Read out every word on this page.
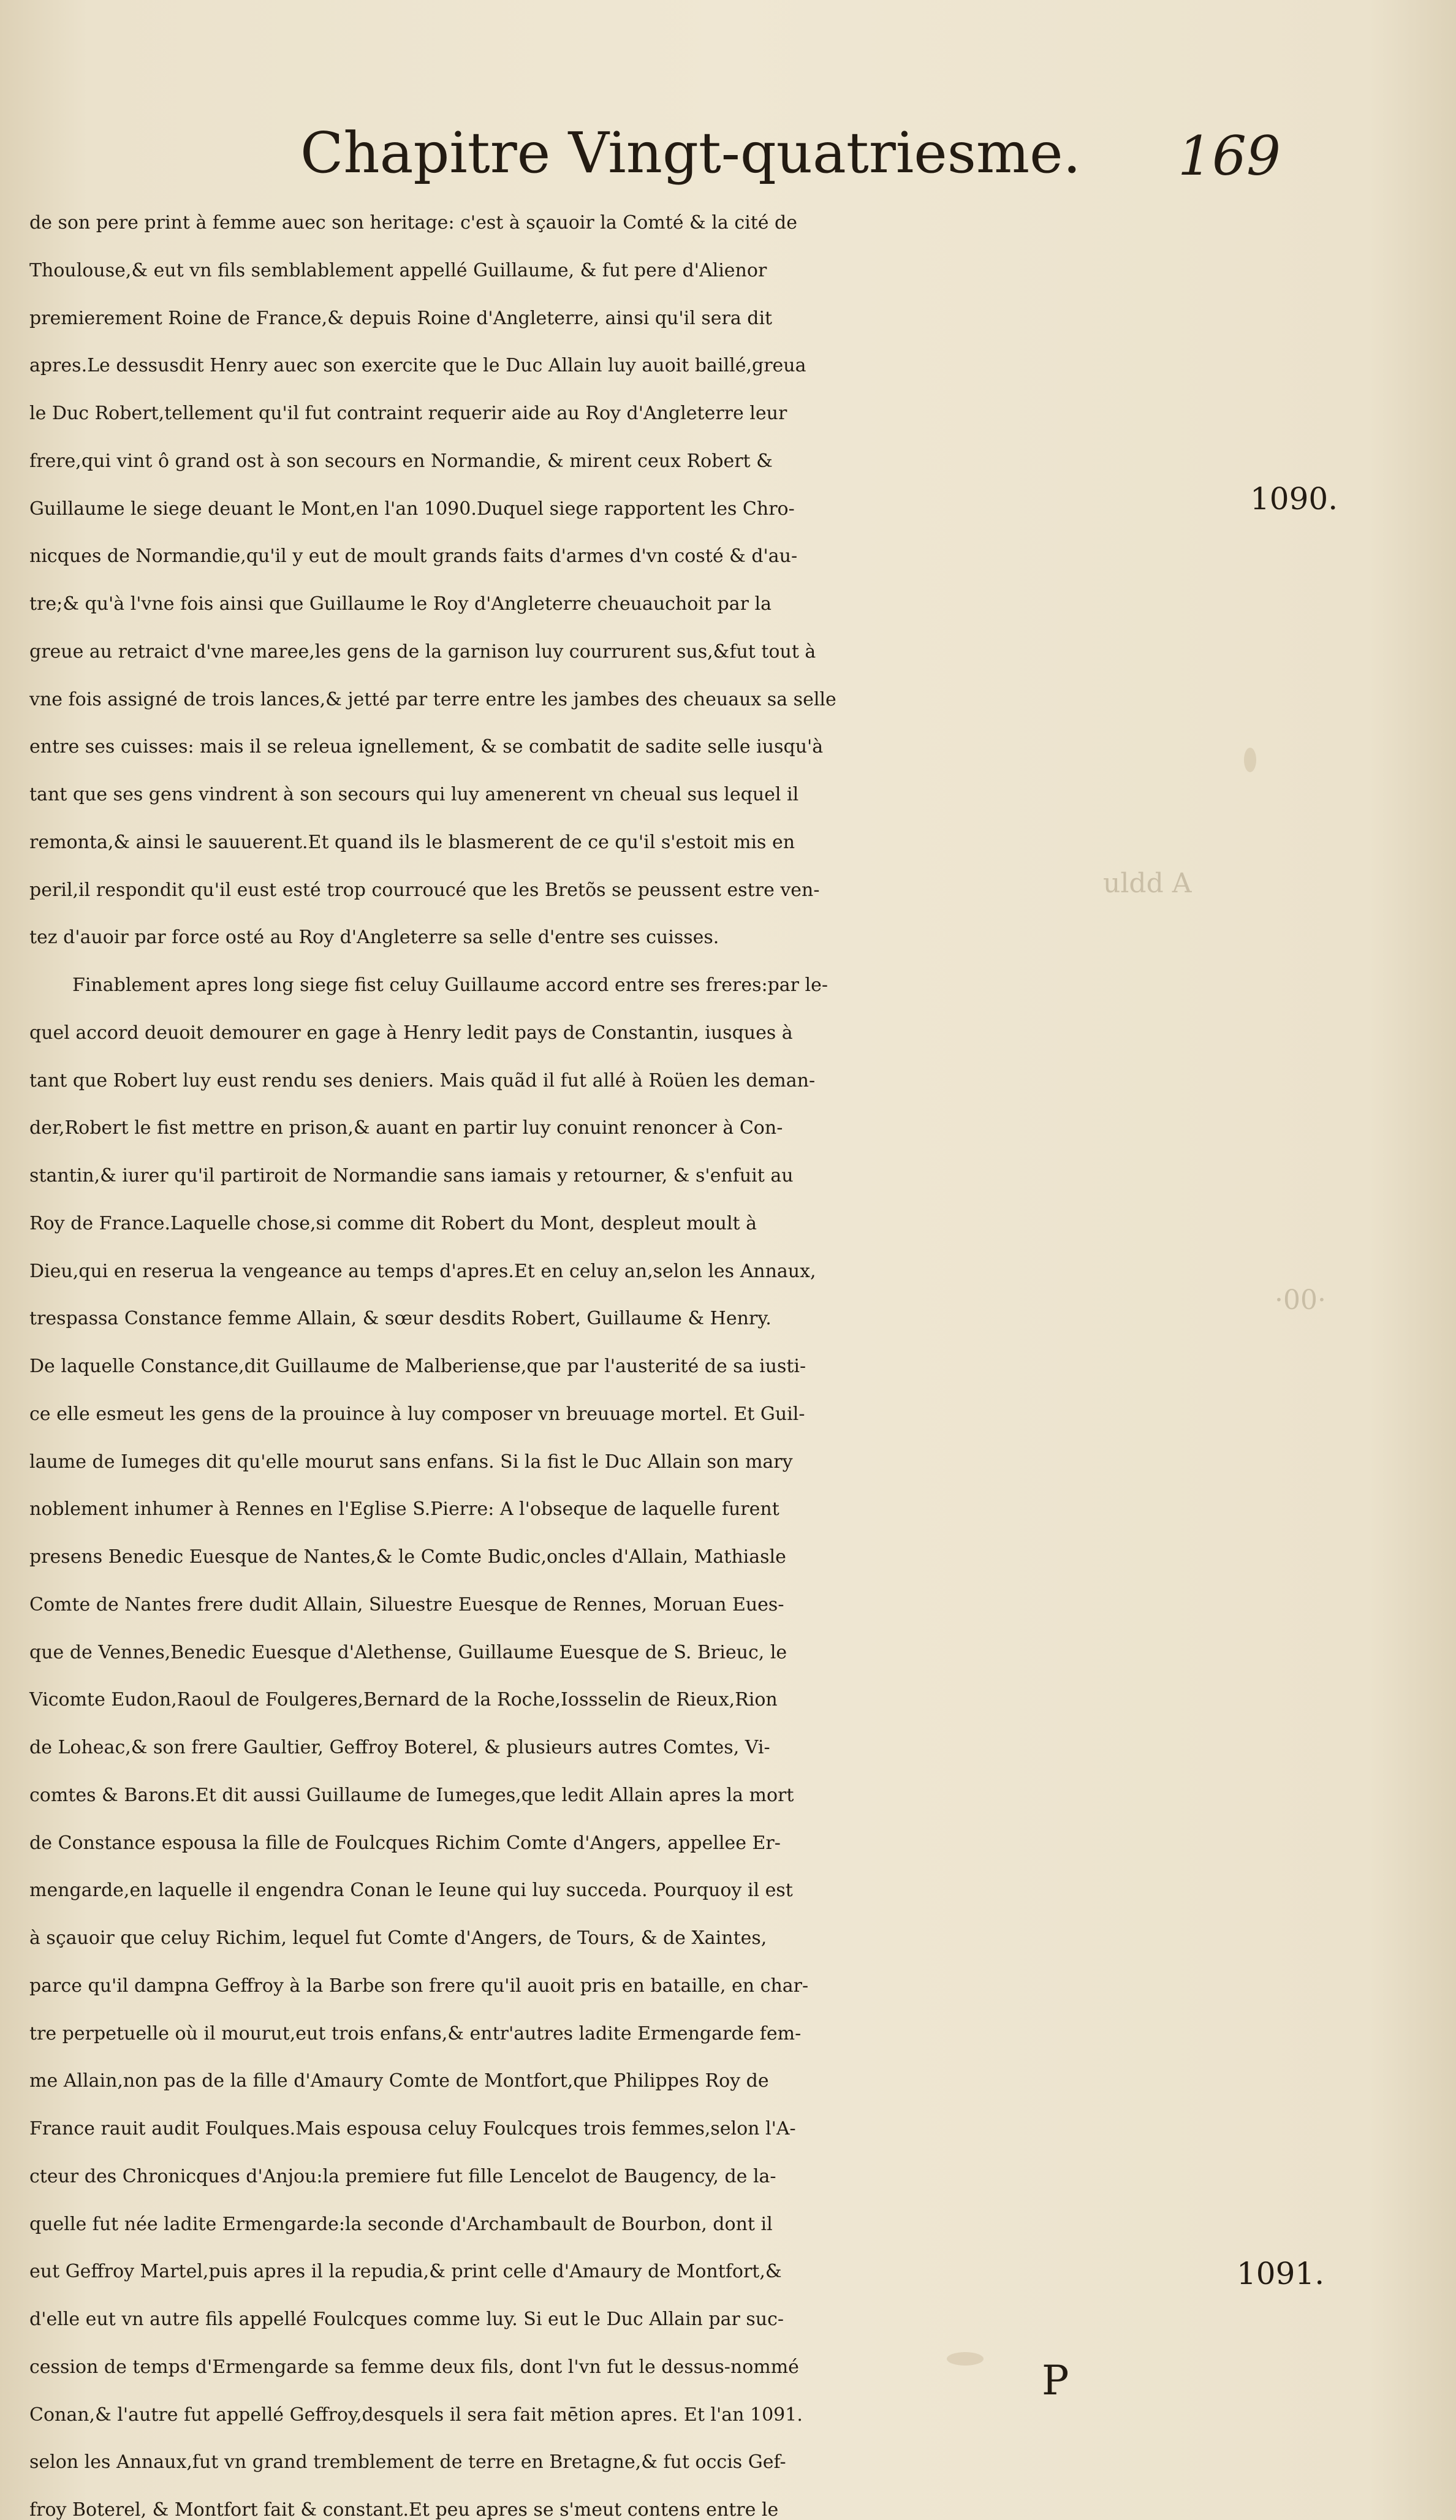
Chapitre Vingt-quatriesme.	169
de son pere print à femme auec son heritage: c'est à sçauoir la Comté & la cité de
Thoulouse,& eut vn fils semblablement appellé Guillaume, & fut pere d'Alienor
premierement Roine de France,& depuis Roine d'Angleterre, ainsi qu'il sera dit
apres.Le dessusdit Henry auec son exercite que le Duc Allain luy auoit baillé,greua
le Duc Robert,tellement qu'il fut contraint requerir aide au Roy d'Angleterre leur
frere,qui vint ô grand ost à son secours en Normandie, & mirent ceux Robert &
Guillaume le siege deuant le Mont,en l'an 1090.Duquel siege rapportent les Chro-
nicques de Normandie,qu'il y eut de moult grands faits d'armes d'vn costé & d'au-
tre;& qu'à l'vne fois ainsi que Guillaume le Roy d'Angleterre cheuauchoit par la
greue au retraict d'vne maree,les gens de la garnison luy courrurent sus,&fut tout à
vne fois assigné de trois lances,& jetté par terre entre les jambes des cheuaux sa selle
entre ses cuisses: mais il se releua ignellement, & se combatit de sadite selle iusqu'à
tant que ses gens vindrent à son secours qui luy amenerent vn cheual sus lequel il
remonta,& ainsi le sauuerent.Et quand ils le blasmerent de ce qu'il s'estoit mis en
peril,il respondit qu'il eust esté trop courroucé que les Bretõs se peussent estre ven-
tez d'auoir par force osté au Roy d'Angleterre sa selle d'entre ses cuisses.
Finablement apres long siege fist celuy Guillaume accord entre ses freres:par le-
quel accord deuoit demourer en gage à Henry ledit pays de Constantin, iusques à
tant que Robert luy eust rendu ses deniers. Mais quãd il fut allé à Roüen les deman-
der,Robert le fist mettre en prison,& auant en partir luy conuint renoncer à Con-
stantin,& iurer qu'il partiroit de Normandie sans iamais y retourner, & s'enfuit au
Roy de France.Laquelle chose,si comme dit Robert du Mont, despleut moult à
Dieu,qui en reserua la vengeance au temps d'apres.Et en celuy an,selon les Annaux,
trespassa Constance femme Allain, & sœur desdits Robert, Guillaume & Henry.
De laquelle Constance,dit Guillaume de Malberiense,que par l'austerité de sa iusti-
ce elle esmeut les gens de la prouince à luy composer vn breuuage mortel. Et Guil-
laume de Iumeges dit qu'elle mourut sans enfans. Si la fist le Duc Allain son mary
noblement inhumer à Rennes en l'Eglise S.Pierre: A l'obseque de laquelle furent
presens Benedic Euesque de Nantes,& le Comte Budic,oncles d'Allain, Mathiasle
Comte de Nantes frere dudit Allain, Siluestre Euesque de Rennes, Moruan Eues-
que de Vennes,Benedic Euesque d'Alethense, Guillaume Euesque de S. Brieuc, le
Vicomte Eudon,Raoul de Foulgeres,Bernard de la Roche,Iossselin de Rieux,Rion
de Loheac,& son frere Gaultier, Geffroy Boterel, & plusieurs autres Comtes, Vi-
comtes & Barons.Et dit aussi Guillaume de Iumeges,que ledit Allain apres la mort
de Constance espousa la fille de Foulcques Richim Comte d'Angers, appellee Er-
mengarde,en laquelle il engendra Conan le Ieune qui luy succeda. Pourquoy il est
à sçauoir que celuy Richim, lequel fut Comte d'Angers, de Tours, & de Xaintes,
parce qu'il dampna Geffroy à la Barbe son frere qu'il auoit pris en bataille, en char-
tre perpetuelle où il mourut,eut trois enfans,& entr'autres ladite Ermengarde fem-
me Allain,non pas de la fille d'Amaury Comte de Montfort,que Philippes Roy de
France rauit audit Foulques.Mais espousa celuy Foulcques trois femmes,selon l'A-
cteur des Chronicques d'Anjou:la premiere fut fille Lencelot de Baugency, de la-
quelle fut née ladite Ermengarde:la seconde d'Archambault de Bourbon, dont il
eut Geffroy Martel,puis apres il la repudia,& print celle d'Amaury de Montfort,&
d'elle eut vn autre fils appellé Foulcques comme luy. Si eut le Duc Allain par suc-
cession de temps d'Ermengarde sa femme deux fils, dont l'vn fut le dessus-nommé
Conan,& l'autre fut appellé Geffroy,desquels il sera fait mētion apres. Et l'an 1091.
selon les Annaux,fut vn grand tremblement de terre en Bretagne,& fut occis Gef-
froy Boterel, & Montfort fait & constant.Et peu apres se s'meut contens entre le
1090.
1091.
uldd A
·00·
P
